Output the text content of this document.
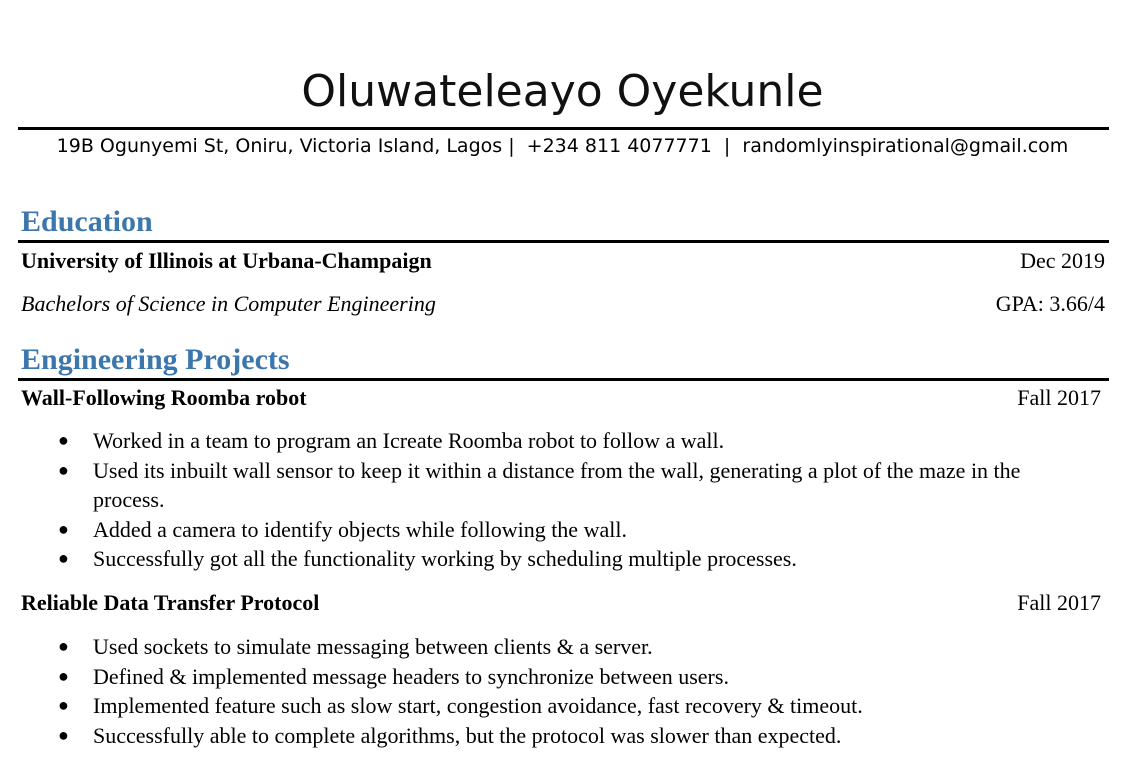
Oluwateleayo Oyekunle
19B Ogunyemi St, Oniru, Victoria Island, Lagos |  +234 811 4077771  |  randomlyinspirational@gmail.com
Education
University of Illinois at Urbana-Champaign	Dec 2019
Bachelors of Science in Computer Engineering	GPA: 3.66/4
Engineering Projects
Wall-Following Roomba robot	Fall 2017
● Worked in a team to program an Icreate Roomba robot to follow a wall.
● Used its inbuilt wall sensor to keep it within a distance from the wall, generating a plot of the maze in the process.
● Added a camera to identify objects while following the wall.
● Successfully got all the functionality working by scheduling multiple processes.
Reliable Data Transfer Protocol	Fall 2017
● Used sockets to simulate messaging between clients & a server.
● Defined & implemented message headers to synchronize between users.
● Implemented feature such as slow start, congestion avoidance, fast recovery & timeout.
● Successfully able to complete algorithms, but the protocol was slower than expected.
